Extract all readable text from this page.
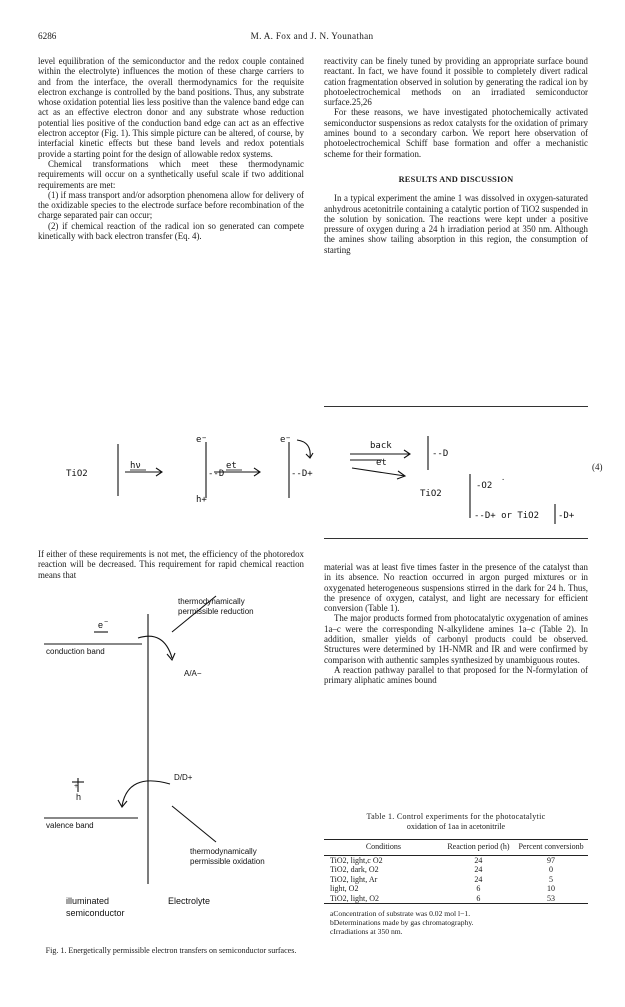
6286	M. A. Fox and J. N. Younathan

level equilibration of the semiconductor and the redox couple contained within the electrolyte) influences the motion of these charge carriers to and from the interface, the overall thermodynamics for the requisite electron exchange is controlled by the band positions. Thus, any substrate whose oxidation potential lies less positive than the valence band edge can act as an effective electron donor and any substrate whose reduction potential lies positive of the conduction band edge can act as an effective electron acceptor (Fig. 1). This simple picture can be altered, of course, by interfacial kinetic effects but these band levels and redox potentials provide a starting point for the design of allowable redox systems.

Chemical transformations which meet these thermodynamic requirements will occur on a synthetically useful scale if two additional requirements are met:

(1) if mass transport and/or adsorption phenomena allow for delivery of the oxidizable species to the electrode surface before recombination of the charge separated pair can occur;

(2) if chemical reaction of the radical ion so generated can compete kinetically with back electron transfer (Eq. 4).

reactivity can be finely tuned by providing an appropriate surface bound reactant. In fact, we have found it possible to completely divert radical cation fragmentation observed in solution by generating the radical ion by photoelectrochemical methods on an irradiated semiconductor surface.25,26

For these reasons, we have investigated photochemically activated semiconductor suspensions as redox catalysts for the oxidation of primary amines bound to a secondary carbon. We report here observation of photoelectrochemical Schiff base formation and offer a mechanistic scheme for their formation.

RESULTS AND DISCUSSION

In a typical experiment the amine 1 was dissolved in oxygen-saturated anhydrous acetonitrile containing a catalytic portion of TiO2 suspended in the solution by sonication. The reactions were kept under a positive pressure of oxygen during a 24 h irradiation period at 350 nm. Although the amines show tailing absorption in this region, the consumption of starting

TiO2
hν
e −
h+
--D
et
e −
--D+
back
et
--D
TiO2
-O2
·
--D+ or TiO2 -D+
(4)

If either of these requirements is not met, the efficiency of the photoredox reaction will be decreased. This requirement for rapid chemical reaction means that

material was at least five times faster in the presence of the catalyst than in its absence. No reaction occurred in argon purged mixtures or in oxygenated heterogeneous suspensions stirred in the dark for 24 h. Thus, the presence of oxygen, catalyst, and light are necessary for efficient conversion (Table 1).

The major products formed from photocatalytic oxygenation of amines 1a–c were the corresponding N-alkylidene amines 1a–c (Table 2). In addition, smaller yields of carbonyl products could be observed. Structures were determined by 1H-NMR and IR and were confirmed by comparison with authentic samples synthesized by unambiguous routes.

A reaction pathway parallel to that proposed for the N-formylation of primary aliphatic amines bound

thermodynamically
permissible reduction
e −
conduction band
A/A−
D/D+
h
+
valence band
thermodynamically
permissible oxidation
illuminated
semiconductor
Electrolyte
Fig. 1. Energetically permissible electron transfers on semiconductor surfaces.
Table 1. Control experiments for the photocatalytic
oxidation of 1aa in acetonitrile
Conditions	Reaction period (h)	Percent conversionb
TiO2, light,c O2	24	97
TiO2, dark, O2	24	0
TiO2, light, Ar	24	5
light, O2	6	10
TiO2, light, O2	6	53
aConcentration of substrate was 0.02 mol l−1.
bDeterminations made by gas chromatography.
cIrradiations at 350 nm.
